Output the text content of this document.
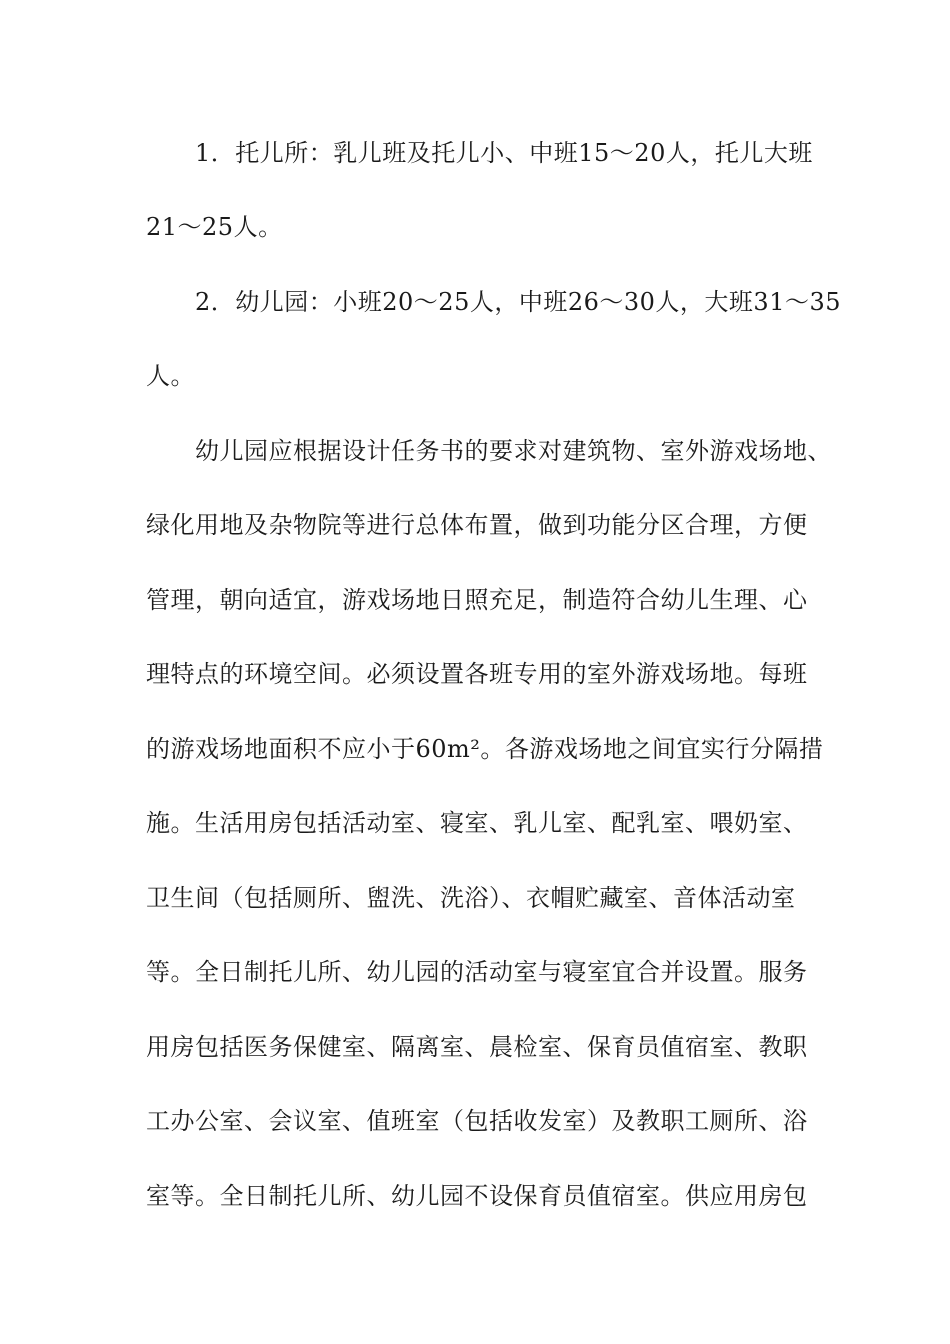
1．托儿所：乳儿班及托儿小、中班15～20人，托儿大班
21～25人。
2．幼儿园：小班20～25人，中班26～30人，大班31～35
人。
幼儿园应根据设计任务书的要求对建筑物、室外游戏场地、
绿化用地及杂物院等进行总体布置，做到功能分区合理，方便
管理，朝向适宜，游戏场地日照充足，制造符合幼儿生理、心
理特点的环境空间。必须设置各班专用的室外游戏场地。每班
的游戏场地面积不应小于60m²。各游戏场地之间宜实行分隔措
施。生活用房包括活动室、寝室、乳儿室、配乳室、喂奶室、
卫生间（包括厕所、盥洗、洗浴）、衣帽贮藏室、音体活动室
等。全日制托儿所、幼儿园的活动室与寝室宜合并设置。服务
用房包括医务保健室、隔离室、晨检室、保育员值宿室、教职
工办公室、会议室、值班室（包括收发室）及教职工厕所、浴
室等。全日制托儿所、幼儿园不设保育员值宿室。供应用房包
